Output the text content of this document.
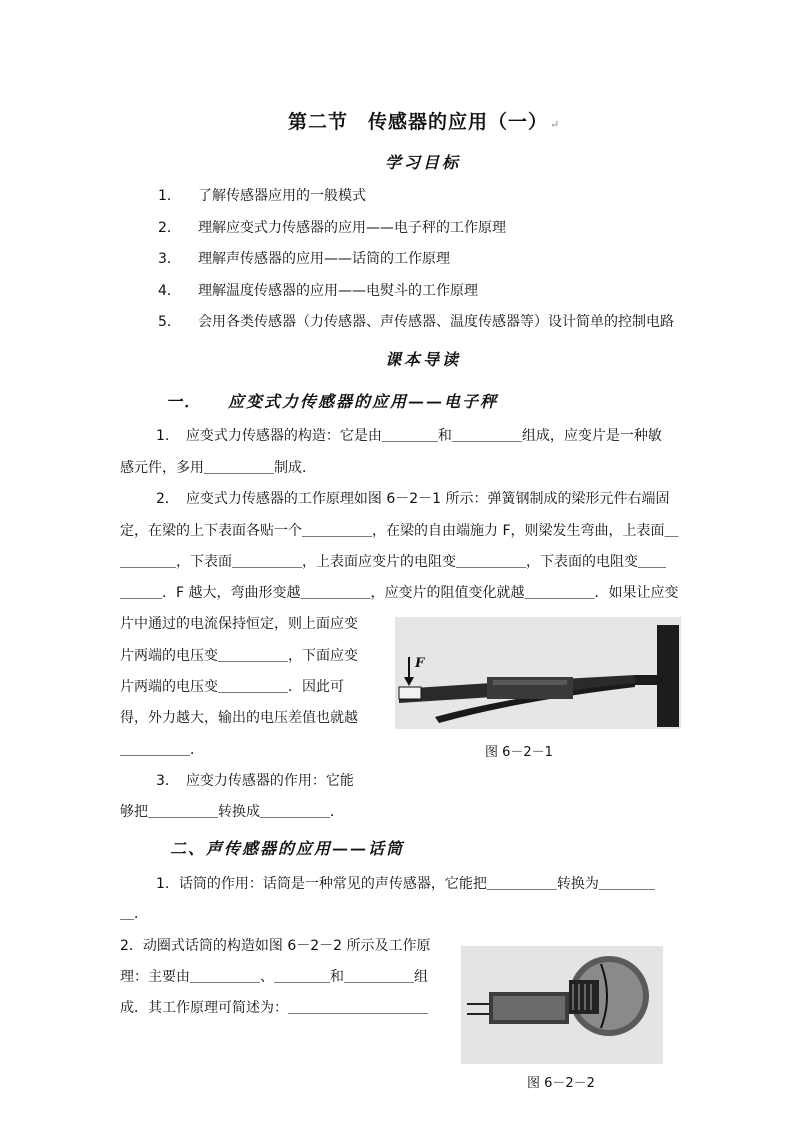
第二节　传感器的应用（一） ↵
学习目标
1． 了解传感器应用的一般模式
2． 理解应变式力传感器的应用——电子秤的工作原理
3． 理解声传感器的应用——话筒的工作原理
4． 理解温度传感器的应用——电熨斗的工作原理
5． 会用各类传感器（力传感器、声传感器、温度传感器等）设计简单的控制电路
课本导读
一． 应变式力传感器的应用——电子秤
1．　应变式力传感器的构造：它是由＿＿＿＿和＿＿＿＿＿组成，应变片是一种敏
感元件，多用＿＿＿＿＿制成．
2．　应变式力传感器的工作原理如图 6－2－1 所示：弹簧钢制成的梁形元件右端固
定，在梁的上下表面各贴一个＿＿＿＿＿，在梁的自由端施力 F，则梁发生弯曲，上表面＿
＿＿＿＿，下表面＿＿＿＿＿，上表面应变片的电阻变＿＿＿＿＿，下表面的电阻变＿＿
＿＿＿．F 越大，弯曲形变越＿＿＿＿＿，应变片的阻值变化就越＿＿＿＿＿．如果让应变
片中通过的电流保持恒定，则上面应变
片两端的电压变＿＿＿＿＿，下面应变
片两端的电压变＿＿＿＿＿．因此可
得，外力越大，输出的电压差值也就越
＿＿＿＿＿．
3．　应变力传感器的作用：它能
够把＿＿＿＿＿转换成＿＿＿＿＿．
F
图 6－2－1
二、声传感器的应用——话筒
1．话筒的作用：话筒是一种常见的声传感器，它能把＿＿＿＿＿转换为＿＿＿＿
＿．
2．动圈式话筒的构造如图 6－2－2 所示及工作原
理：主要由＿＿＿＿＿、＿＿＿＿和＿＿＿＿＿组
成．其工作原理可简述为：＿＿＿＿＿＿＿＿＿＿
图 6－2－2
